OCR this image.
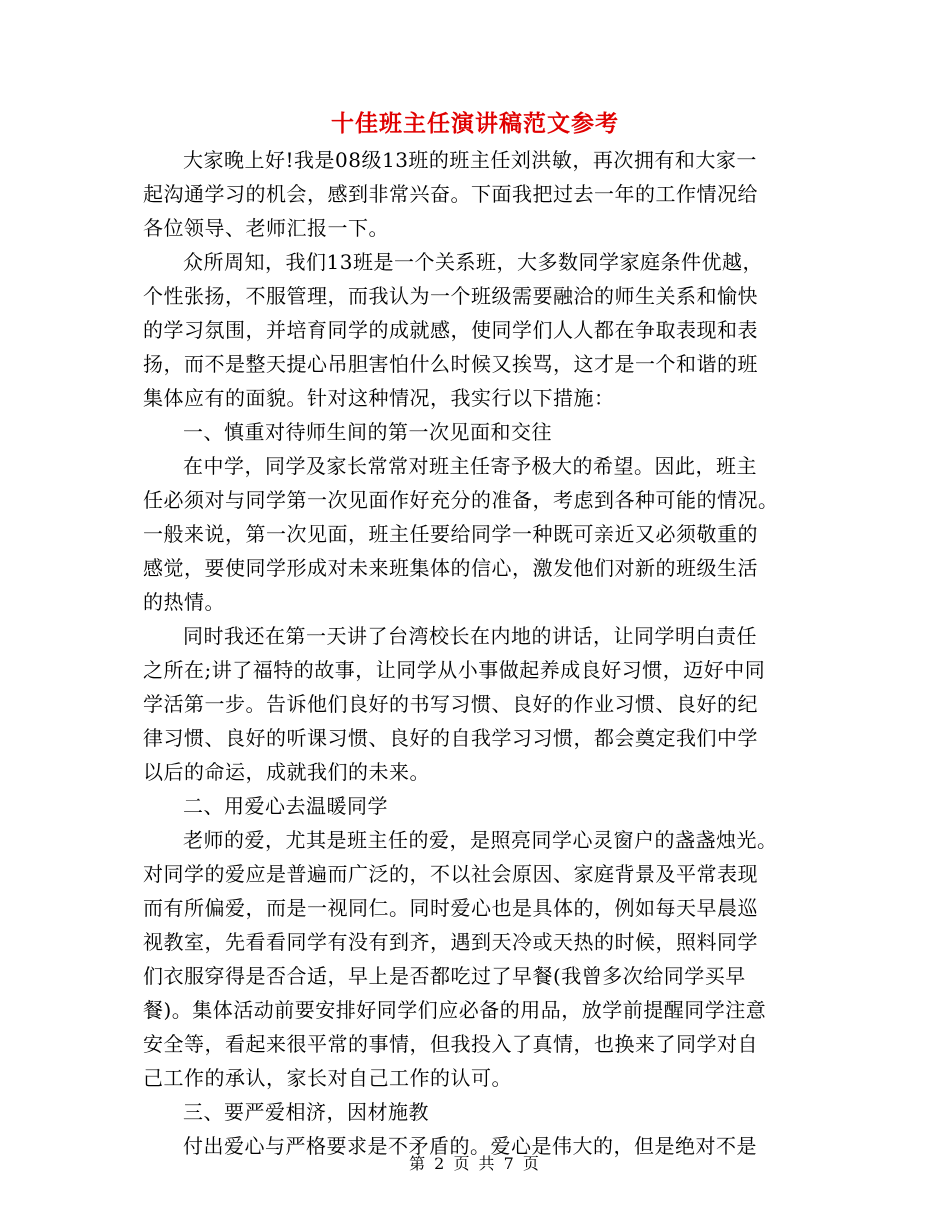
十佳班主任演讲稿范文参考
大家晚上好!我是08级13班的班主任刘洪敏，再次拥有和大家一
起沟通学习的机会，感到非常兴奋。下面我把过去一年的工作情况给
各位领导、老师汇报一下。
众所周知，我们13班是一个关系班，大多数同学家庭条件优越，
个性张扬，不服管理，而我认为一个班级需要融洽的师生关系和愉快
的学习氛围，并培育同学的成就感，使同学们人人都在争取表现和表
扬，而不是整天提心吊胆害怕什么时候又挨骂，这才是一个和谐的班
集体应有的面貌。针对这种情况，我实行以下措施：
一、慎重对待师生间的第一次见面和交往
在中学，同学及家长常常对班主任寄予极大的希望。因此，班主
任必须对与同学第一次见面作好充分的准备，考虑到各种可能的情况。
一般来说，第一次见面，班主任要给同学一种既可亲近又必须敬重的
感觉，要使同学形成对未来班集体的信心，激发他们对新的班级生活
的热情。
同时我还在第一天讲了台湾校长在内地的讲话，让同学明白责任
之所在;讲了福特的故事，让同学从小事做起养成良好习惯，迈好中同
学活第一步。告诉他们良好的书写习惯、良好的作业习惯、良好的纪
律习惯、良好的听课习惯、良好的自我学习习惯，都会奠定我们中学
以后的命运，成就我们的未来。
二、用爱心去温暖同学
老师的爱，尤其是班主任的爱，是照亮同学心灵窗户的盏盏烛光。
对同学的爱应是普遍而广泛的，不以社会原因、家庭背景及平常表现
而有所偏爱，而是一视同仁。同时爱心也是具体的，例如每天早晨巡
视教室，先看看同学有没有到齐，遇到天冷或天热的时候，照料同学
们衣服穿得是否合适，早上是否都吃过了早餐(我曾多次给同学买早
餐)。集体活动前要安排好同学们应必备的用品，放学前提醒同学注意
安全等，看起来很平常的事情，但我投入了真情，也换来了同学对自
己工作的承认，家长对自己工作的认可。
三、要严爱相济，因材施教
付出爱心与严格要求是不矛盾的。爱心是伟大的，但是绝对不是
第 2 页 共 7 页
